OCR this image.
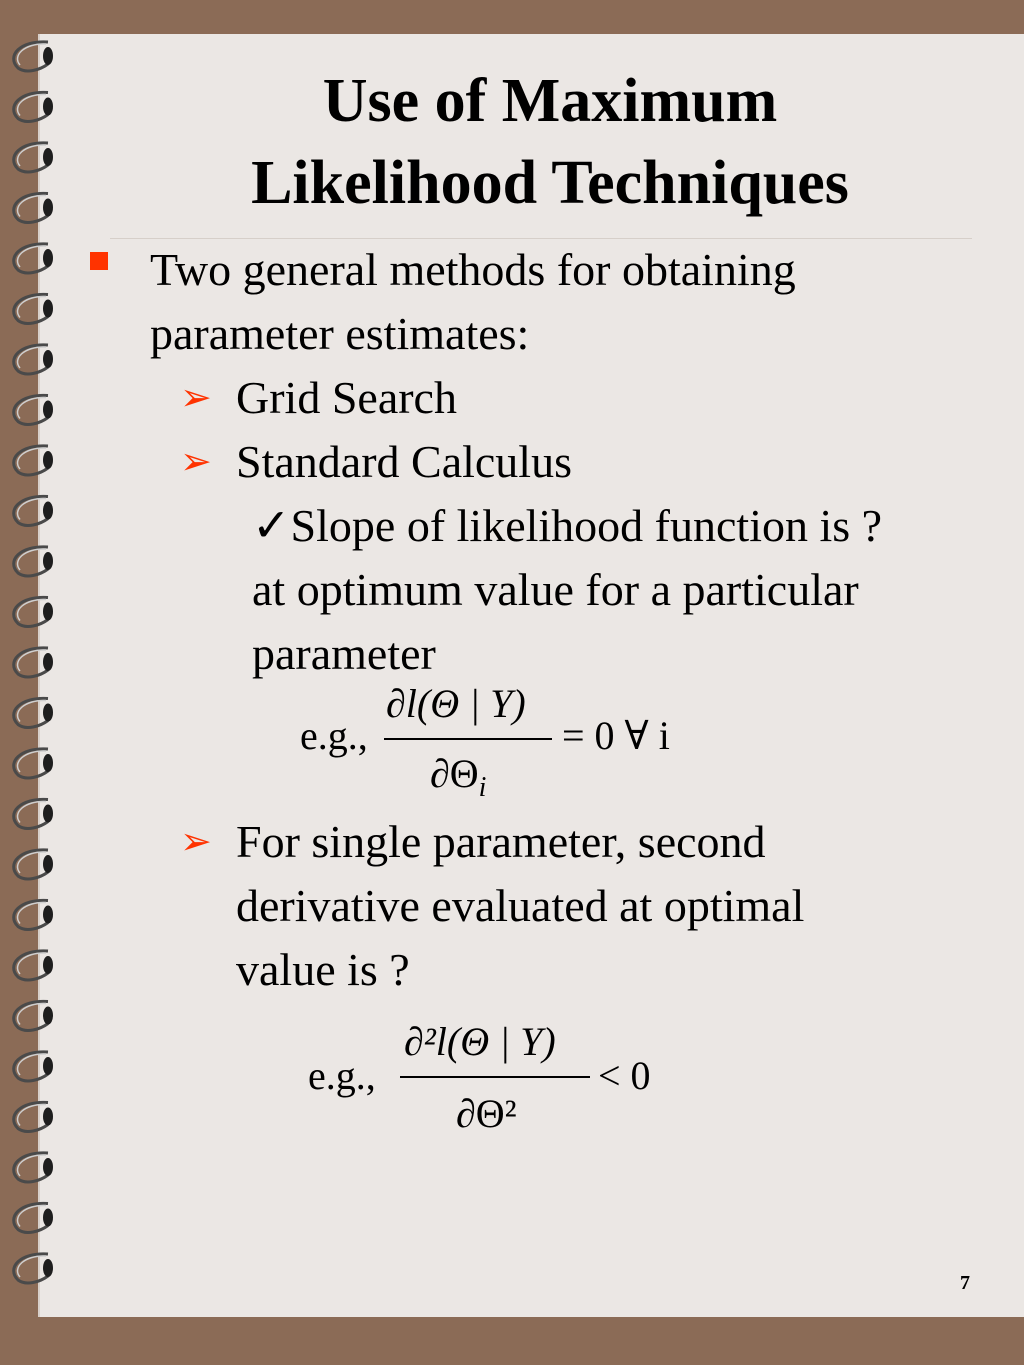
Use of Maximum
Likelihood Techniques
Two general methods for obtaining
parameter estimates:
➢ Grid Search
➢ Standard Calculus
✓Slope of likelihood function is ?
at optimum value for a particular
parameter
e.g.,
∂l(Θ | Y)
$\partial\Theta_i$
= 0 ∀ i
➢ For single parameter, second
derivative evaluated at optimal
value is ?
e.g.,
∂²l(Θ | Y)
∂Θ²
< 0
7
